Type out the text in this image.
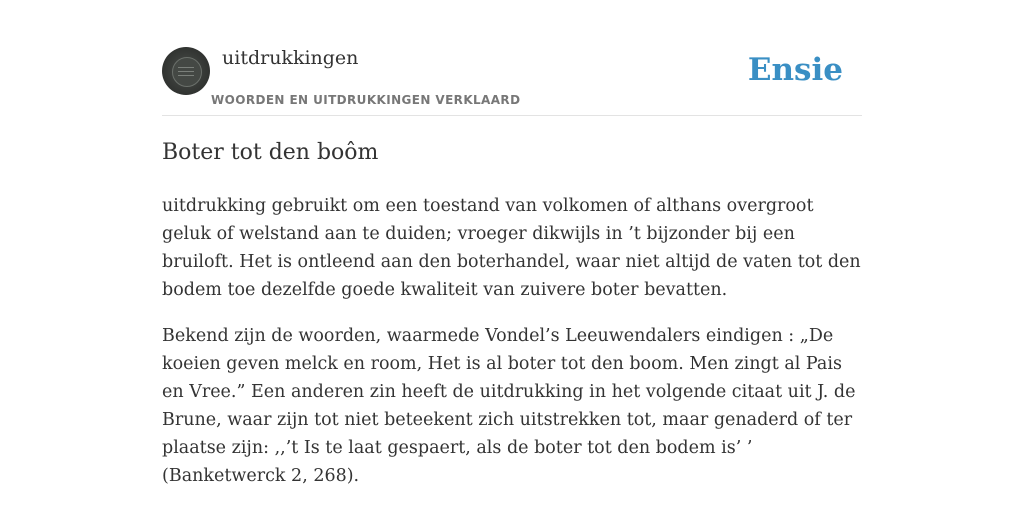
uitdrukkingen
WOORDEN EN UITDRUKKINGEN VERKLAARD
Ensie
Boter tot den boôm

uitdrukking gebruikt om een toestand van volkomen of althans overgroot geluk of welstand aan te duiden; vroeger dikwijls in ’t bijzonder bij een bruiloft. Het is ontleend aan den boterhandel, waar niet altijd de vaten tot den bodem toe dezelfde goede kwaliteit van zuivere boter bevatten.

Bekend zijn de woorden, waarmede Vondel’s Leeuwendalers eindigen : „De koeien geven melck en room, Het is al boter tot den boom. Men zingt al Pais en Vree.” Een anderen zin heeft de uitdrukking in het volgende citaat uit J. de Brune, waar zijn tot niet beteekent zich uitstrekken tot, maar genaderd of ter plaatse zijn: ,,’t Is te laat gespaert, als de boter tot den bodem is’ ’ (Banketwerck 2, 268).
